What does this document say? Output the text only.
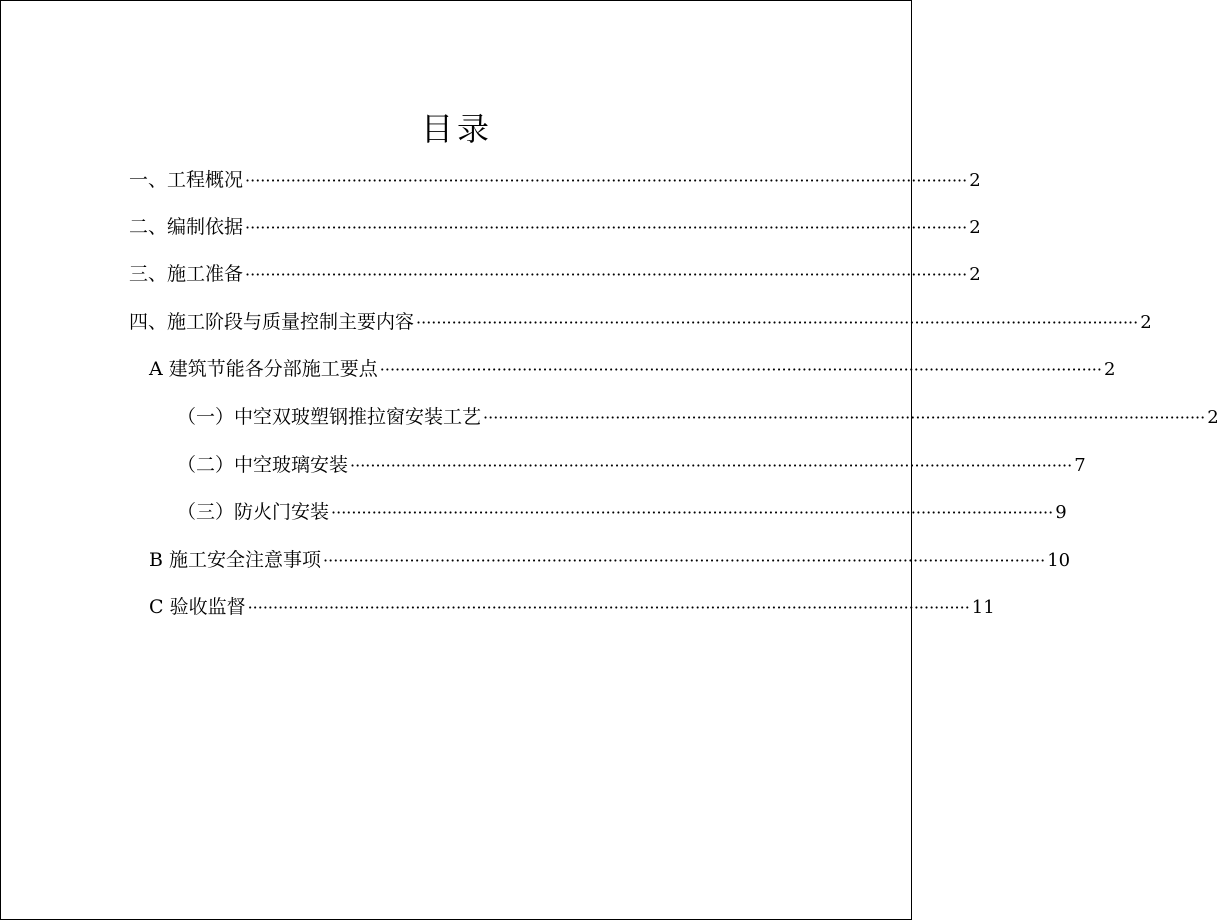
目录
一、工程概况 ·············································································································································· 2
二、编制依据 ·············································································································································· 2
三、施工准备 ·············································································································································· 2
四、施工阶段与质量控制主要内容 ·············································································································································· 2
A 建筑节能各分部施工要点 ·············································································································································· 2
（一）中空双玻塑钢推拉窗安装工艺 ·············································································································································· 2
（二）中空玻璃安装 ·············································································································································· 7
（三）防火门安装 ·············································································································································· 9
B 施工安全注意事项 ·············································································································································· 10
C 验收监督 ·············································································································································· 11
